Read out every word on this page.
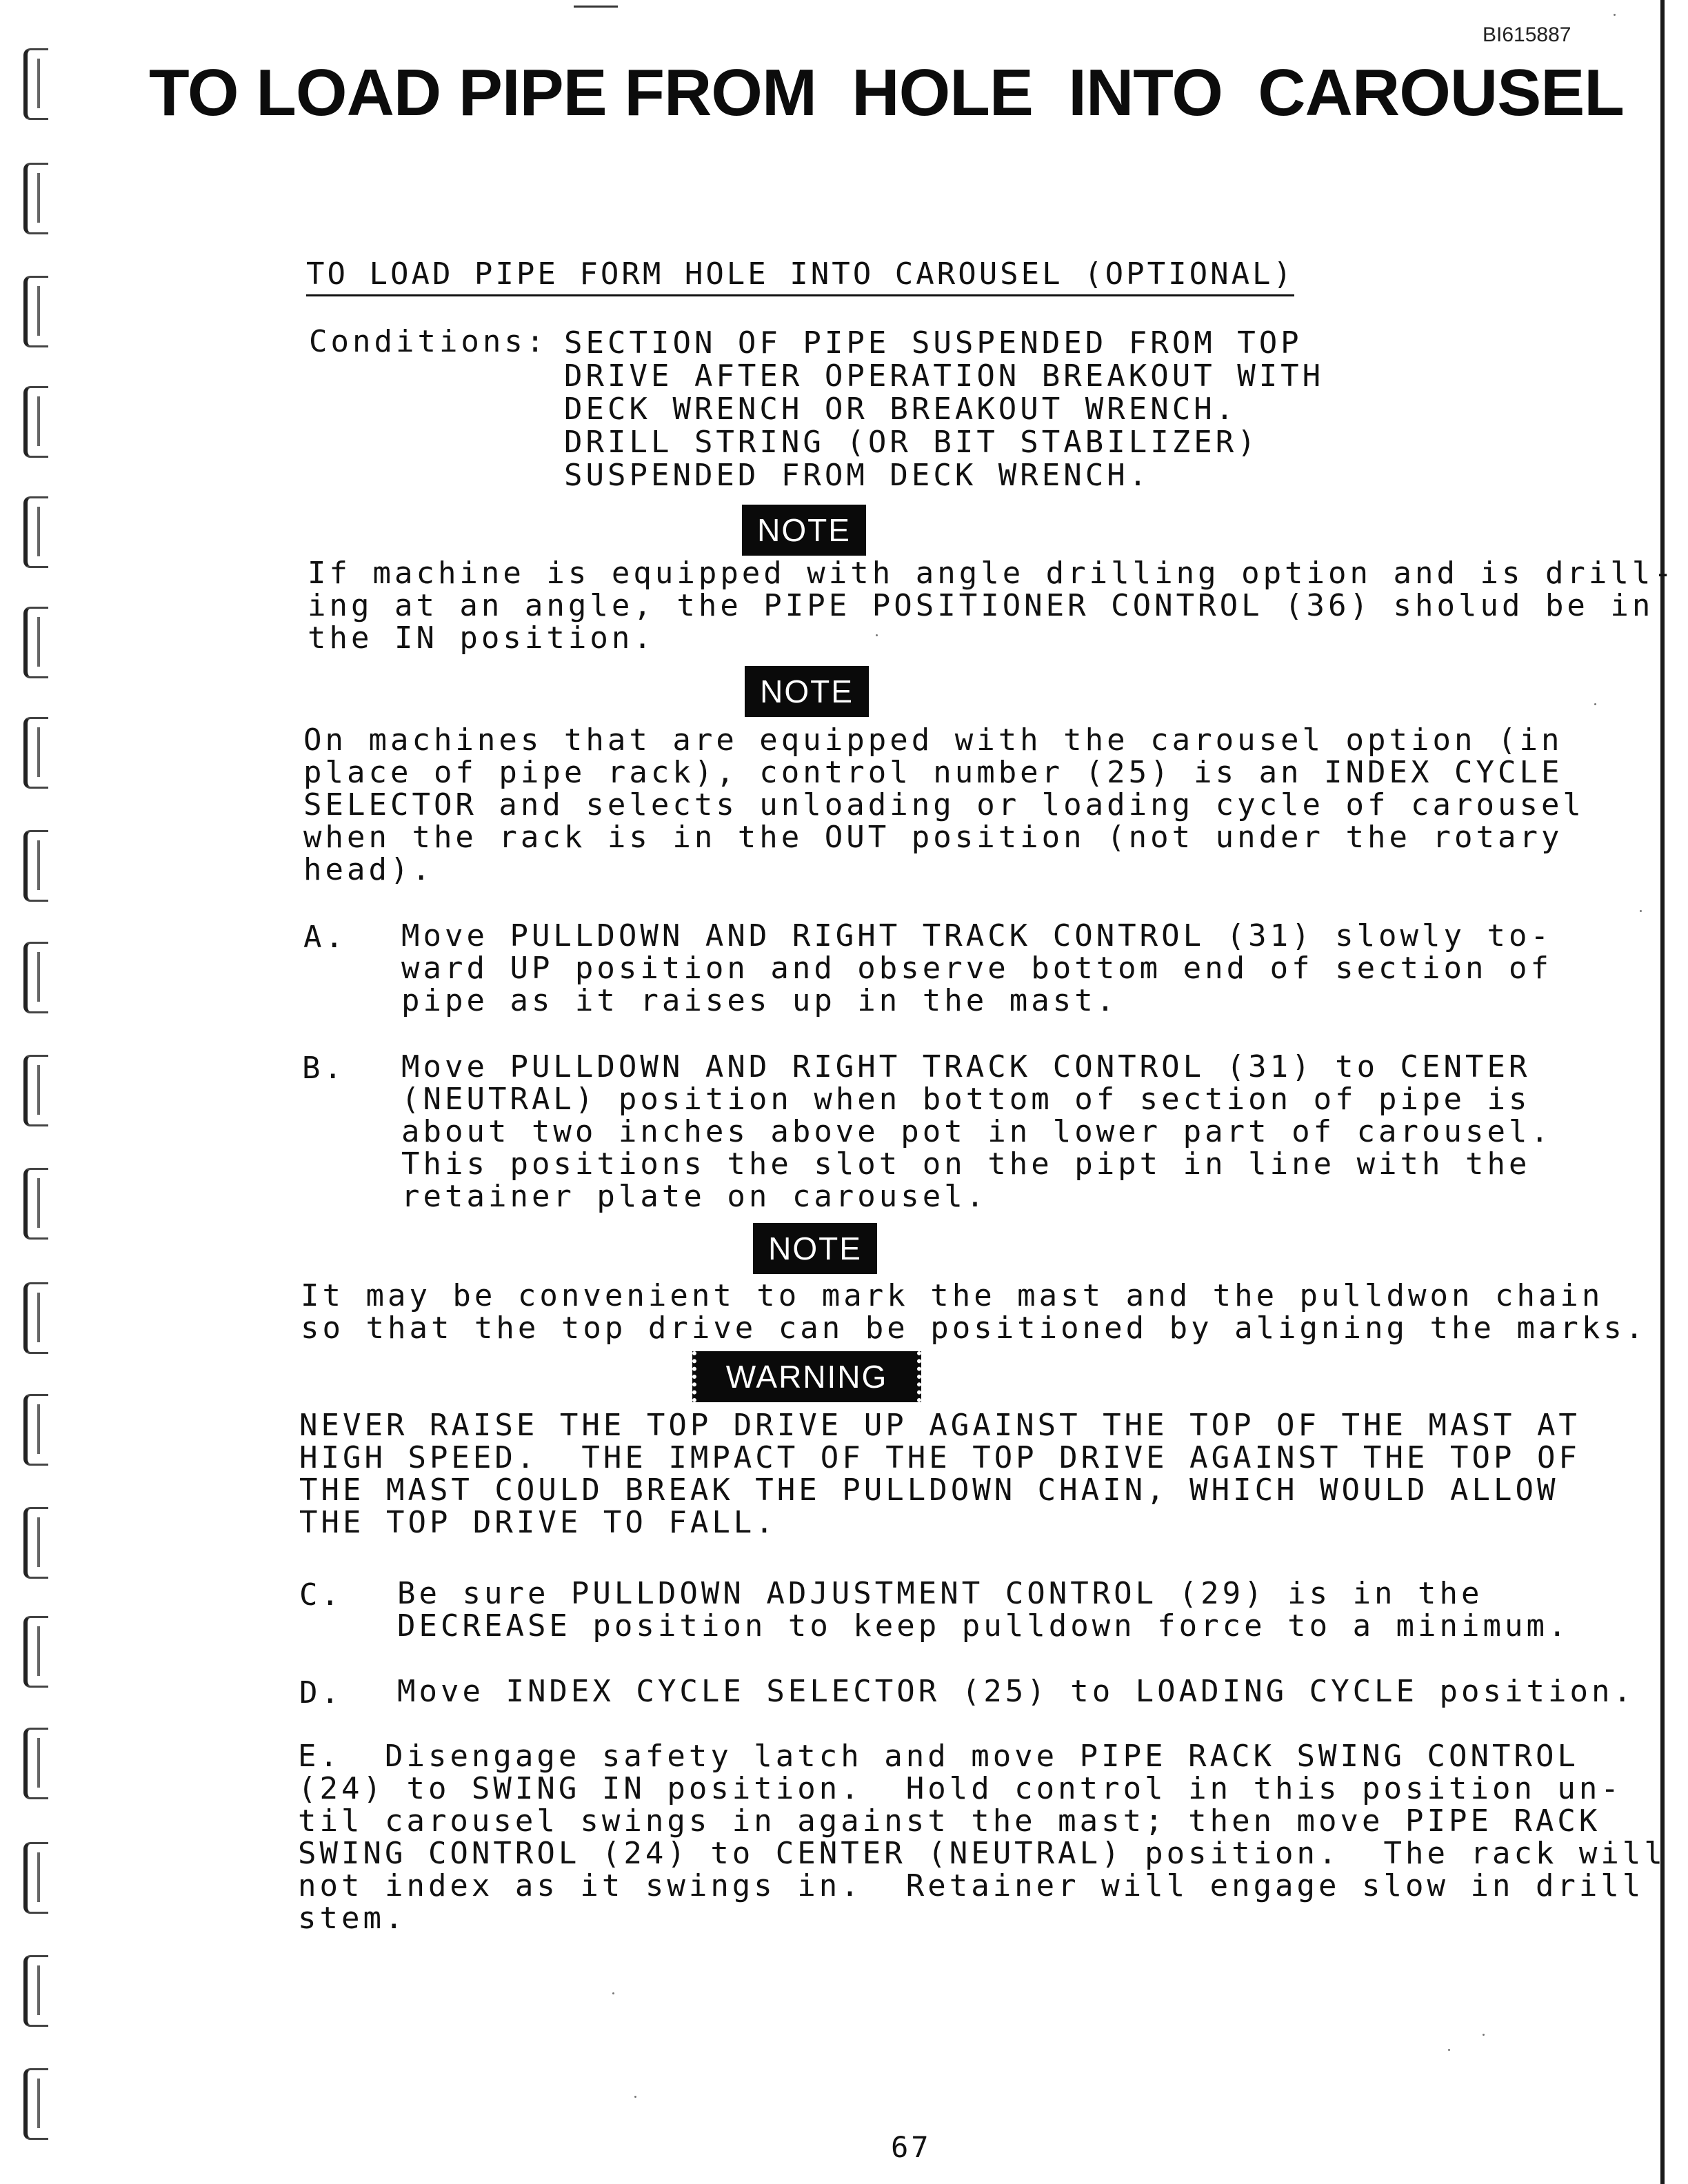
BI615887
TO LOAD PIPE FROM  HOLE  INTO  CAROUSEL
TO LOAD PIPE FORM HOLE INTO CAROUSEL (OPTIONAL)
Conditions: SECTION OF PIPE SUSPENDED FROM TOP
DRIVE AFTER OPERATION BREAKOUT WITH
DECK WRENCH OR BREAKOUT WRENCH.
DRILL STRING (OR BIT STABILIZER)
SUSPENDED FROM DECK WRENCH.
NOTE
If machine is equipped with angle drilling option and is drill-
ing at an angle, the PIPE POSITIONER CONTROL (36) sholud be in
the IN position.
NOTE
On machines that are equipped with the carousel option (in
place of pipe rack), control number (25) is an INDEX CYCLE
SELECTOR and selects unloading or loading cycle of carousel
when the rack is in the OUT position (not under the rotary
head).
A. Move PULLDOWN AND RIGHT TRACK CONTROL (31) slowly to-
ward UP position and observe bottom end of section of
pipe as it raises up in the mast.
B. Move PULLDOWN AND RIGHT TRACK CONTROL (31) to CENTER
(NEUTRAL) position when bottom of section of pipe is
about two inches above pot in lower part of carousel.
This positions the slot on the pipt in line with the
retainer plate on carousel.
NOTE
It may be convenient to mark the mast and the pulldwon chain
so that the top drive can be positioned by aligning the marks.
WARNING
NEVER RAISE THE TOP DRIVE UP AGAINST THE TOP OF THE MAST AT
HIGH SPEED.  THE IMPACT OF THE TOP DRIVE AGAINST THE TOP OF
THE MAST COULD BREAK THE PULLDOWN CHAIN, WHICH WOULD ALLOW
THE TOP DRIVE TO FALL.
C. Be sure PULLDOWN ADJUSTMENT CONTROL (29) is in the
DECREASE position to keep pulldown force to a minimum.
D. Move INDEX CYCLE SELECTOR (25) to LOADING CYCLE position.
E. Disengage safety latch and move PIPE RACK SWING CONTROL
(24) to SWING IN position.  Hold control in this position un-
til carousel swings in against the mast; then move PIPE RACK
SWING CONTROL (24) to CENTER (NEUTRAL) position.  The rack will
not index as it swings in.  Retainer will engage slow in drill
stem.
67
